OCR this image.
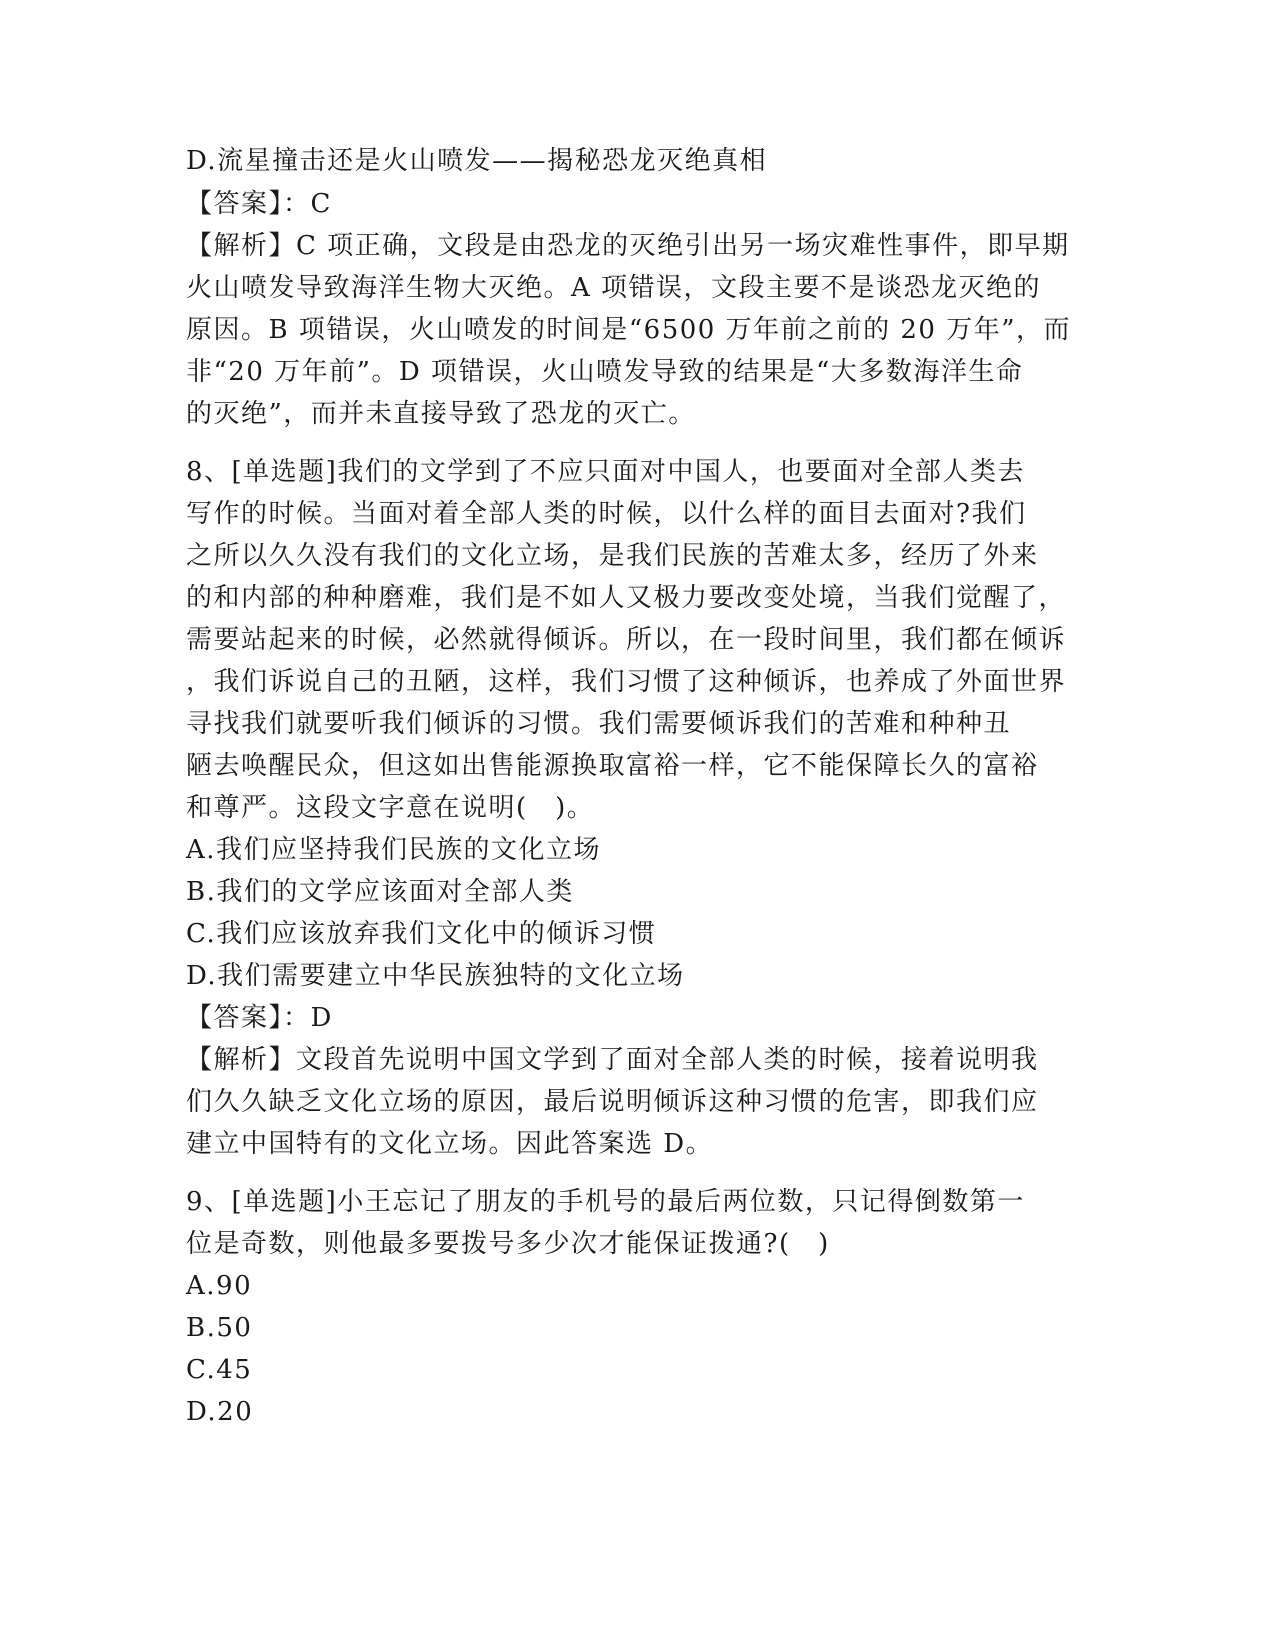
D.流星撞击还是火山喷发——揭秘恐龙灭绝真相

【答案】：C

【解析】C 项正确，文段是由恐龙的灭绝引出另一场灾难性事件，即早期

火山喷发导致海洋生物大灭绝。A 项错误，文段主要不是谈恐龙灭绝的

原因。B 项错误，火山喷发的时间是“6500 万年前之前的 20 万年”，而

非“20 万年前”。D 项错误，火山喷发导致的结果是“大多数海洋生命

的灭绝”，而并未直接导致了恐龙的灭亡。

8、[单选题]我们的文学到了不应只面对中国人，也要面对全部人类去

写作的时候。当面对着全部人类的时候，以什么样的面目去面对?我们

之所以久久没有我们的文化立场，是我们民族的苦难太多，经历了外来

的和内部的种种磨难，我们是不如人又极力要改变处境，当我们觉醒了，

需要站起来的时候，必然就得倾诉。所以，在一段时间里，我们都在倾诉

，我们诉说自己的丑陋，这样，我们习惯了这种倾诉，也养成了外面世界

寻找我们就要听我们倾诉的习惯。我们需要倾诉我们的苦难和种种丑

陋去唤醒民众，但这如出售能源换取富裕一样，它不能保障长久的富裕

和尊严。这段文字意在说明(　)。

A.我们应坚持我们民族的文化立场

B.我们的文学应该面对全部人类

C.我们应该放弃我们文化中的倾诉习惯

D.我们需要建立中华民族独特的文化立场

【答案】：D

【解析】文段首先说明中国文学到了面对全部人类的时候，接着说明我

们久久缺乏文化立场的原因，最后说明倾诉这种习惯的危害，即我们应

建立中国特有的文化立场。因此答案选 D。

9、[单选题]小王忘记了朋友的手机号的最后两位数，只记得倒数第一

位是奇数，则他最多要拨号多少次才能保证拨通?(　)

A.90

B.50

C.45

D.20
